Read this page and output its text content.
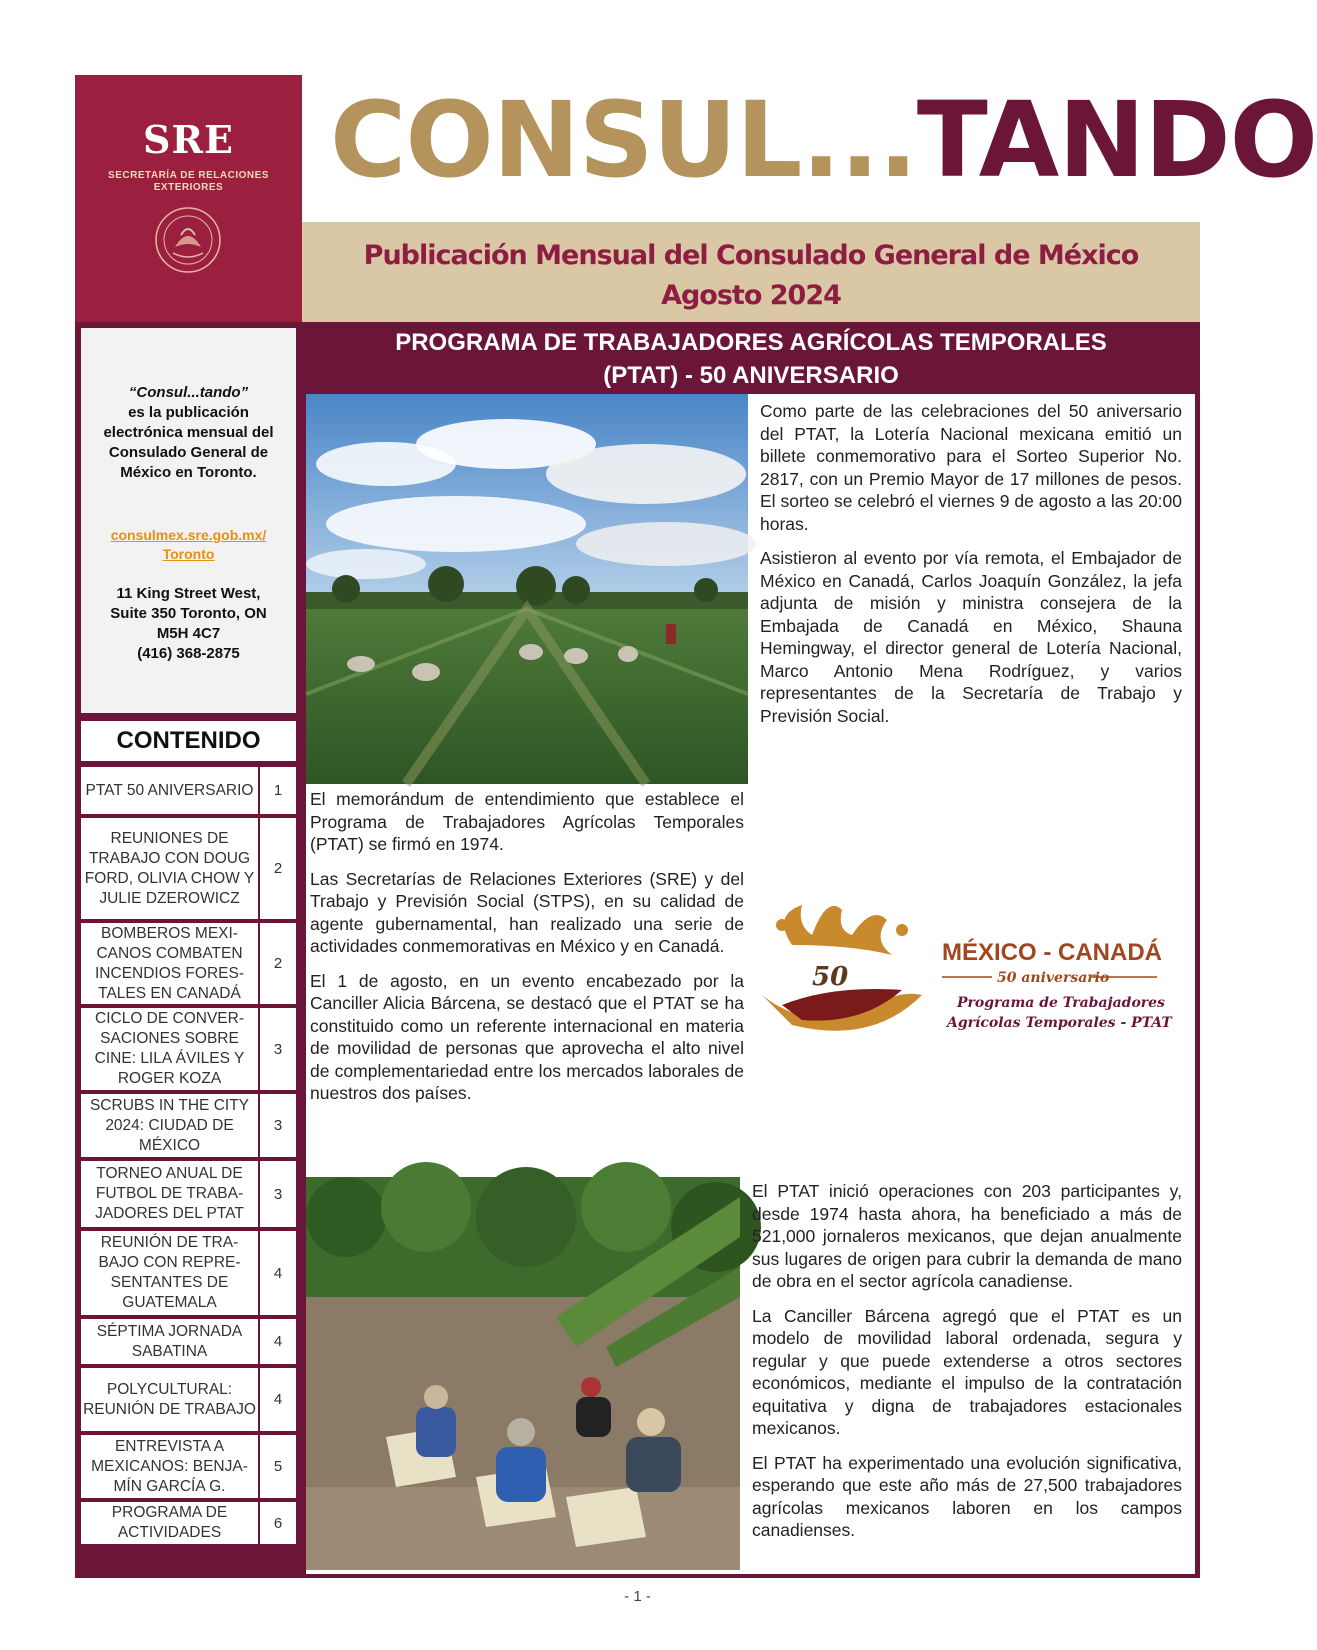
SRE
SECRETARÍA DE RELACIONES EXTERIORES	CONSUL...TANDO
Publicación Mensual del Consulado General de México
Agosto 2024
“Consul...tando”
es la publicación electrónica mensual del Consulado General de México en Toronto.
consulmex.sre.gob.mx/
Toronto
11 King Street West,
Suite 350 Toronto, ON
M5H 4C7
(416) 368-2875
CONTENIDO
PTAT 50 ANIVERSARIO	1
REUNIONES DE TRABAJO CON DOUG FORD, OLIVIA CHOW Y JULIE DZEROWICZ
2
BOMBEROS MEXI-CANOS COMBATEN INCENDIOS FORES-TALES EN CANADÁ
2
CICLO DE CONVER-SACIONES SOBRE CINE: LILA ÁVILES Y ROGER KOZA
3
SCRUBS IN THE CITY 2024: CIUDAD DE MÉXICO
3
TORNEO ANUAL DE FUTBOL DE TRABA-JADORES DEL PTAT
3
REUNIÓN DE TRA-BAJO CON REPRE-SENTANTES DE GUATEMALA
4
SÉPTIMA JORNADA SABATINA
4
POLYCULTURAL: REUNIÓN DE TRABAJO
4
ENTREVISTA A MEXICANOS: BENJA-MÍN GARCÍA G.
5
PROGRAMA DE ACTIVIDADES
6
PROGRAMA DE TRABAJADORES AGRÍCOLAS TEMPORALES
(PTAT) - 50 ANIVERSARIO

Como parte de las celebraciones del 50 aniversario del PTAT, la Lotería Nacional mexicana emitió un billete conmemorativo para el Sorteo Superior No. 2817, con un Premio Mayor de 17 millones de pesos. El sorteo se celebró el viernes 9 de agosto a las 20:00 horas.

Asistieron al evento por vía remota, el Embajador de México en Canadá, Carlos Joaquín González, la jefa adjunta de misión y ministra consejera de la Embajada de Canadá en México, Shauna Hemingway, el director general de Lotería Nacional, Marco Antonio Mena Rodríguez, y varios representantes de la Secretaría de Trabajo y Previsión Social.

El memorándum de entendimiento que establece el Programa de Trabajadores Agrícolas Temporales (PTAT) se firmó en 1974.

Las Secretarías de Relaciones Exteriores (SRE) y del Trabajo y Previsión Social (STPS), en su calidad de agente gubernamental, han realizado una serie de actividades conmemorativas en México y en Canadá.

El 1 de agosto, en un evento encabezado por la Canciller Alicia Bárcena, se destacó que el PTAT se ha constituido como un referente internacional en materia de movilidad de personas que aprovecha el alto nivel de complementariedad entre los mercados laborales de nuestros dos países.

50
MÉXICO - CANADÁ
50 aniversario
Programa de Trabajadores
Agrícolas Temporales - PTAT

El PTAT inició operaciones con 203 participantes y, desde 1974 hasta ahora, ha beneficiado a más de 521,000 jornaleros mexicanos, que dejan anualmente sus lugares de origen para cubrir la demanda de mano de obra en el sector agrícola canadiense.

La Canciller Bárcena agregó que el PTAT es un modelo de movilidad laboral ordenada, segura y regular y que puede extenderse a otros sectores económicos, mediante el impulso de la contratación equitativa y digna de trabajadores estacionales mexicanos.

El PTAT ha experimentado una evolución significativa, esperando que este año más de 27,500 trabajadores agrícolas mexicanos laboren en los campos canadienses.

- 1 -
